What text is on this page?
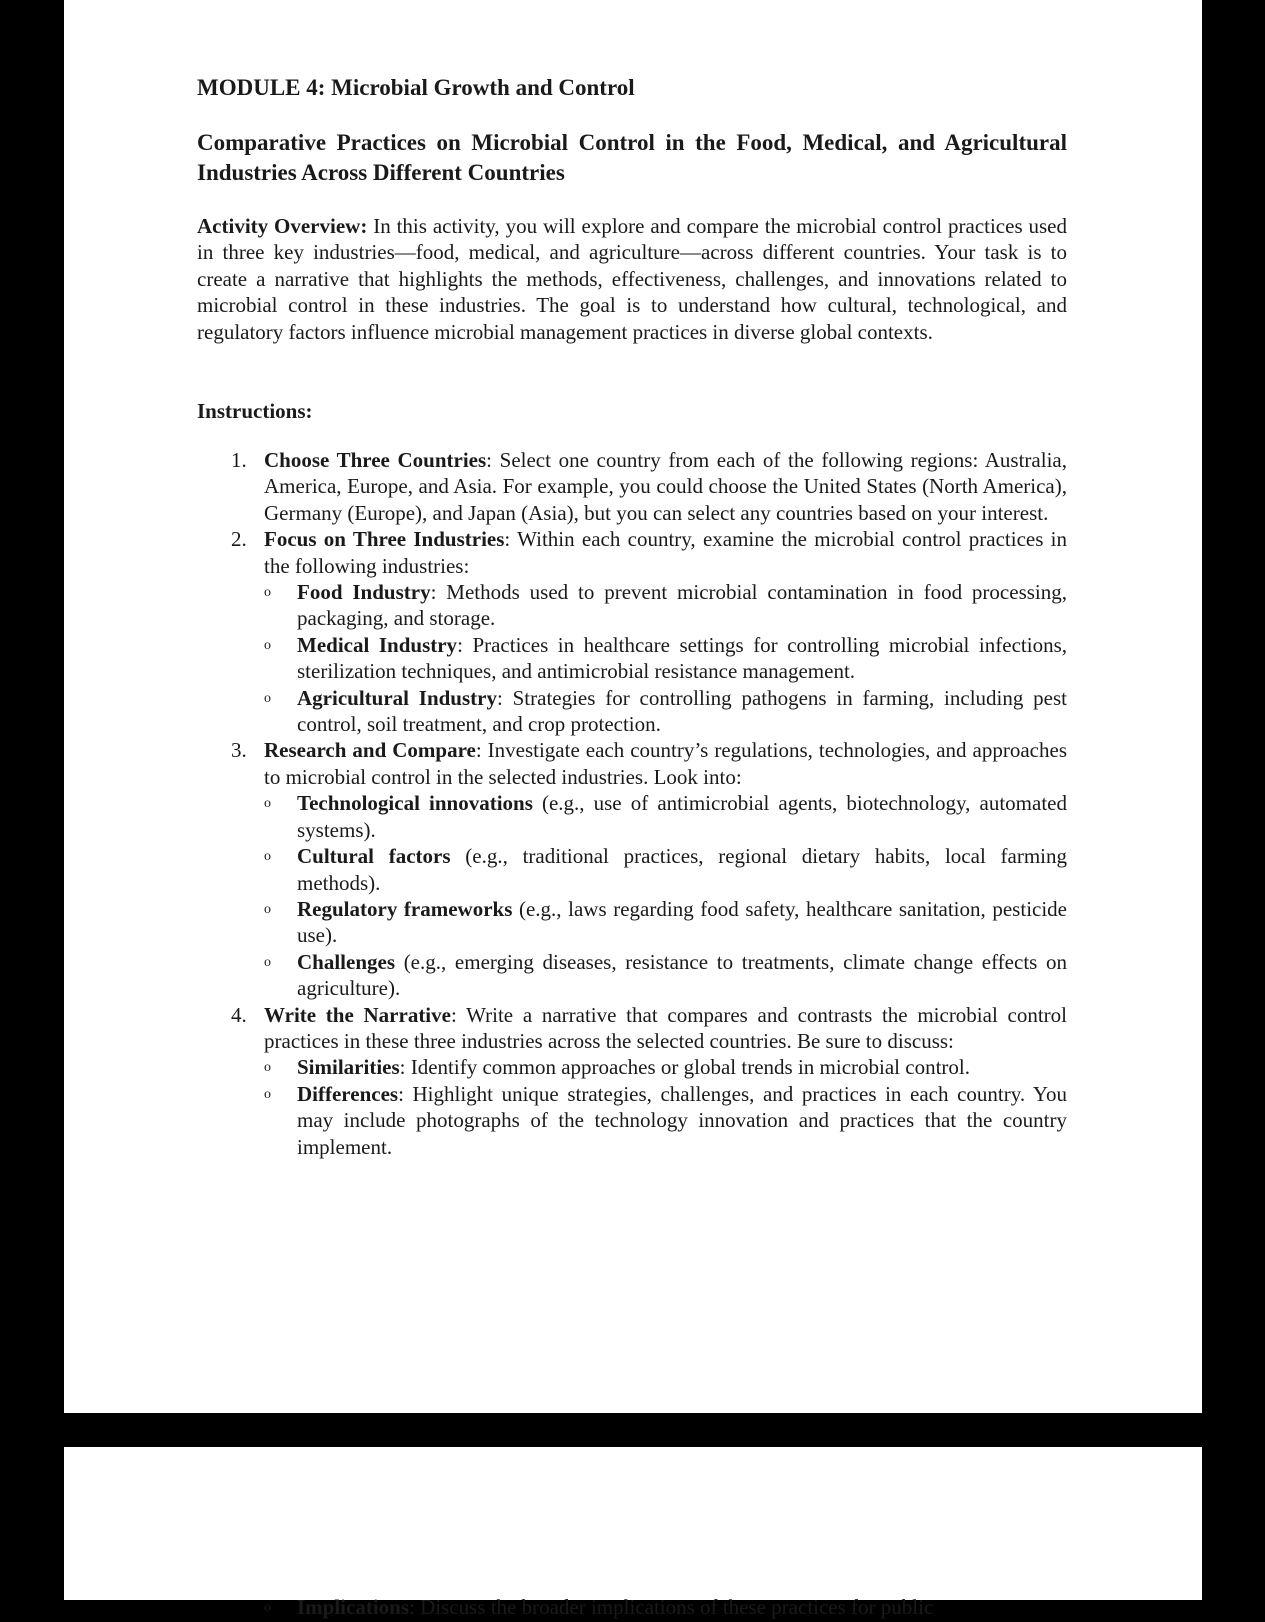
MODULE 4: Microbial Growth and Control
Comparative Practices on Microbial Control in the Food, Medical, and Agricultural Industries Across Different Countries

Activity Overview: In this activity, you will explore and compare the microbial control practices used in three key industries—food, medical, and agriculture—across different countries. Your task is to create a narrative that highlights the methods, effectiveness, challenges, and innovations related to microbial control in these industries. The goal is to understand how cultural, technological, and regulatory factors influence microbial management practices in diverse global contexts.

Instructions:

1. Choose Three Countries: Select one country from each of the following regions: Australia, America, Europe, and Asia. For example, you could choose the United States (North America), Germany (Europe), and Japan (Asia), but you can select any countries based on your interest.
2. Focus on Three Industries: Within each country, examine the microbial control practices in the following industries:
o Food Industry: Methods used to prevent microbial contamination in food processing, packaging, and storage.
o Medical Industry: Practices in healthcare settings for controlling microbial infections, sterilization techniques, and antimicrobial resistance management.
o Agricultural Industry: Strategies for controlling pathogens in farming, including pest control, soil treatment, and crop protection.
3. Research and Compare: Investigate each country’s regulations, technologies, and approaches to microbial control in the selected industries. Look into:
o Technological innovations (e.g., use of antimicrobial agents, biotechnology, automated systems).
o Cultural factors (e.g., traditional practices, regional dietary habits, local farming methods).
o Regulatory frameworks (e.g., laws regarding food safety, healthcare sanitation, pesticide use).
o Challenges (e.g., emerging diseases, resistance to treatments, climate change effects on agriculture).
4. Write the Narrative: Write a narrative that compares and contrasts the microbial control practices in these three industries across the selected countries. Be sure to discuss:
o Similarities: Identify common approaches or global trends in microbial control.
o Differences: Highlight unique strategies, challenges, and practices in each country. You may include photographs of the technology innovation and practices that the country implement.
o Implications: Discuss the broader implications of these practices for public
